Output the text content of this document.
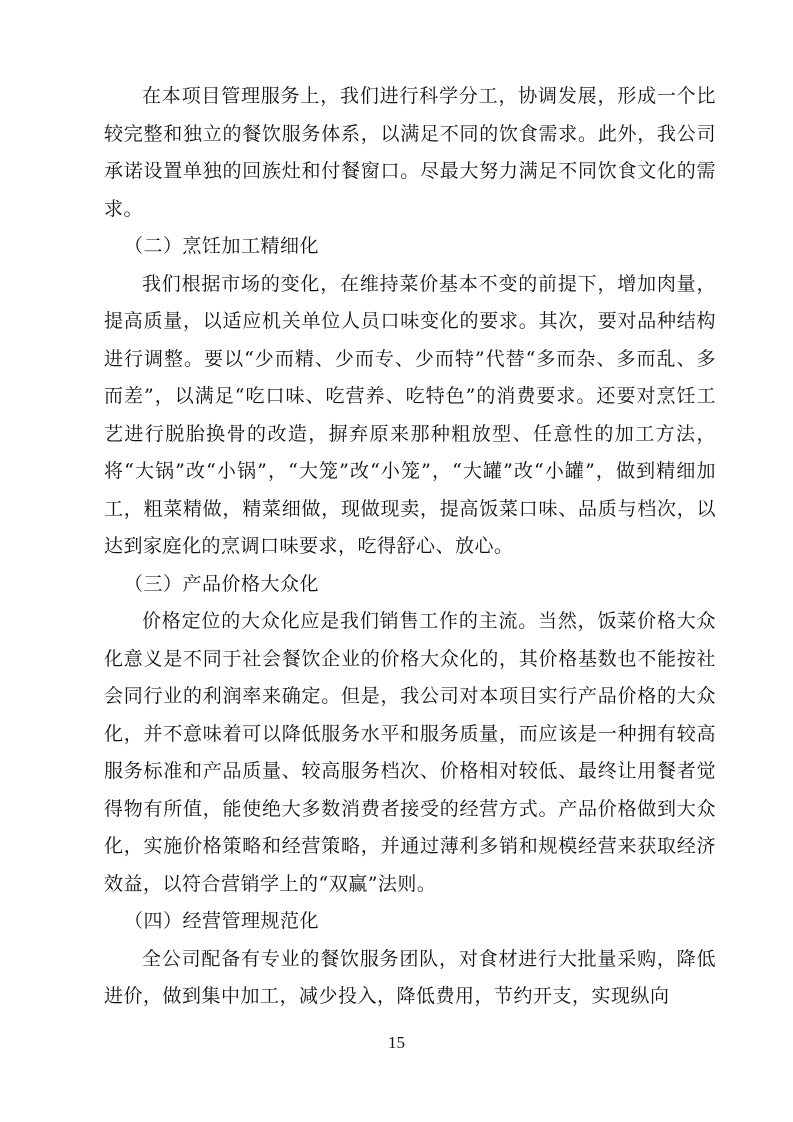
在本项目管理服务上，我们进行科学分工，协调发展，形成一个比较完整和独立的餐饮服务体系，以满足不同的饮食需求。此外，我公司承诺设置单独的回族灶和付餐窗口。尽最大努力满足不同饮食文化的需求。

（二）烹饪加工精细化

我们根据市场的变化，在维持菜价基本不变的前提下，增加肉量，提高质量，以适应机关单位人员口味变化的要求。其次，要对品种结构进行调整。要以“少而精、少而专、少而特”代替“多而杂、多而乱、多而差”，以满足“吃口味、吃营养、吃特色”的消费要求。还要对烹饪工艺进行脱胎换骨的改造，摒弃原来那种粗放型、任意性的加工方法，将“大锅”改“小锅”，“大笼”改“小笼”，“大罐”改“小罐”，做到精细加工，粗菜精做，精菜细做，现做现卖，提高饭菜口味、品质与档次，以达到家庭化的烹调口味要求，吃得舒心、放心。

（三）产品价格大众化

价格定位的大众化应是我们销售工作的主流。当然，饭菜价格大众化意义是不同于社会餐饮企业的价格大众化的，其价格基数也不能按社会同行业的利润率来确定。但是，我公司对本项目实行产品价格的大众化，并不意味着可以降低服务水平和服务质量，而应该是一种拥有较高服务标准和产品质量、较高服务档次、价格相对较低、最终让用餐者觉得物有所值，能使绝大多数消费者接受的经营方式。产品价格做到大众化，实施价格策略和经营策略，并通过薄利多销和规模经营来获取经济效益，以符合营销学上的“双赢”法则。

（四）经营管理规范化

全公司配备有专业的餐饮服务团队，对食材进行大批量采购，降低进价，做到集中加工，减少投入，降低费用，节约开支，实现纵向

15
